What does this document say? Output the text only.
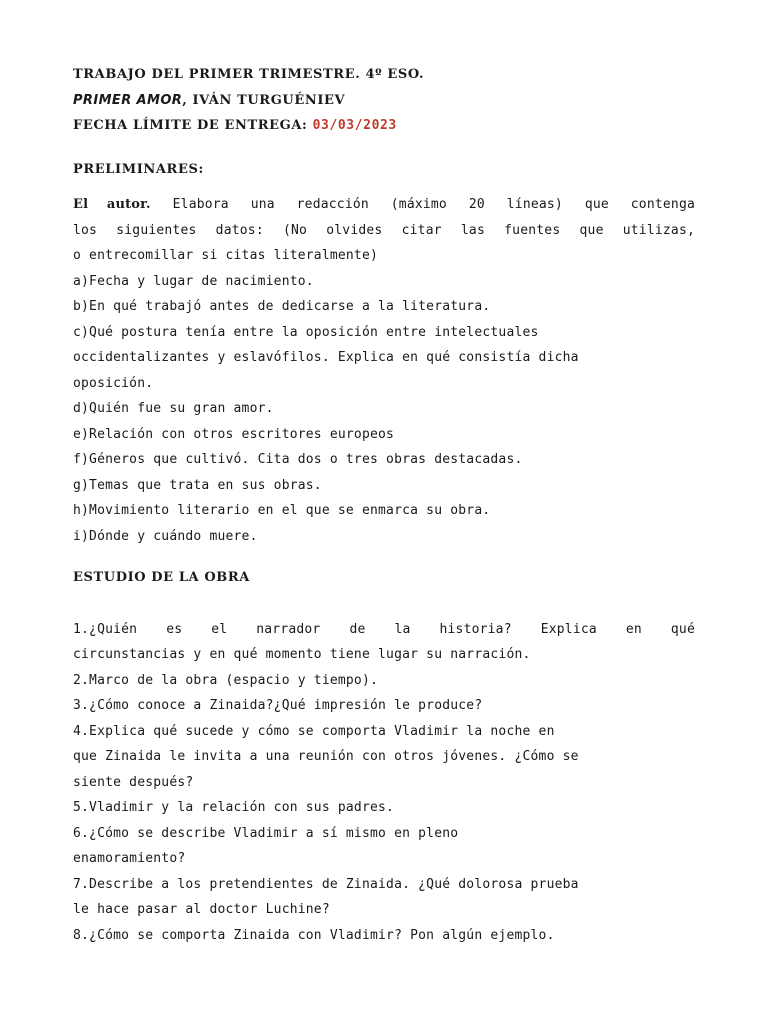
TRABAJO DEL PRIMER TRIMESTRE. 4º ESO.
PRIMER AMOR, IVÁN TURGUÉNIEV
FECHA LÍMITE DE ENTREGA: 03/03/2023
PRELIMINARES:
El autor. Elabora una redacción (máximo 20 líneas) que contenga
los siguientes datos: (No olvides citar las fuentes que utilizas,
o entrecomillar si citas literalmente)
a)Fecha y lugar de nacimiento.
b)En qué trabajó antes de dedicarse a la literatura.
c)Qué postura tenía entre la oposición entre intelectuales
occidentalizantes y eslavófilos. Explica en qué consistía dicha
oposición.
d)Quién fue su gran amor.
e)Relación con otros escritores europeos
f)Géneros que cultivó. Cita dos o tres obras destacadas.
g)Temas que trata en sus obras.
h)Movimiento literario en el que se enmarca su obra.
i)Dónde y cuándo muere.
ESTUDIO DE LA OBRA
1.¿Quién es el narrador de la historia? Explica en qué
circunstancias y en qué momento tiene lugar su narración.
2.Marco de la obra (espacio y tiempo).
3.¿Cómo conoce a Zinaida?¿Qué impresión le produce?
4.Explica qué sucede y cómo se comporta Vladimir la noche en
que Zinaida le invita a una reunión con otros jóvenes. ¿Cómo se
siente después?
5.Vladimir y la relación con sus padres.
6.¿Cómo se describe Vladimir a sí mismo en pleno
enamoramiento?
7.Describe a los pretendientes de Zinaida. ¿Qué dolorosa prueba
le hace pasar al doctor Luchine?
8.¿Cómo se comporta Zinaida con Vladimir? Pon algún ejemplo.
